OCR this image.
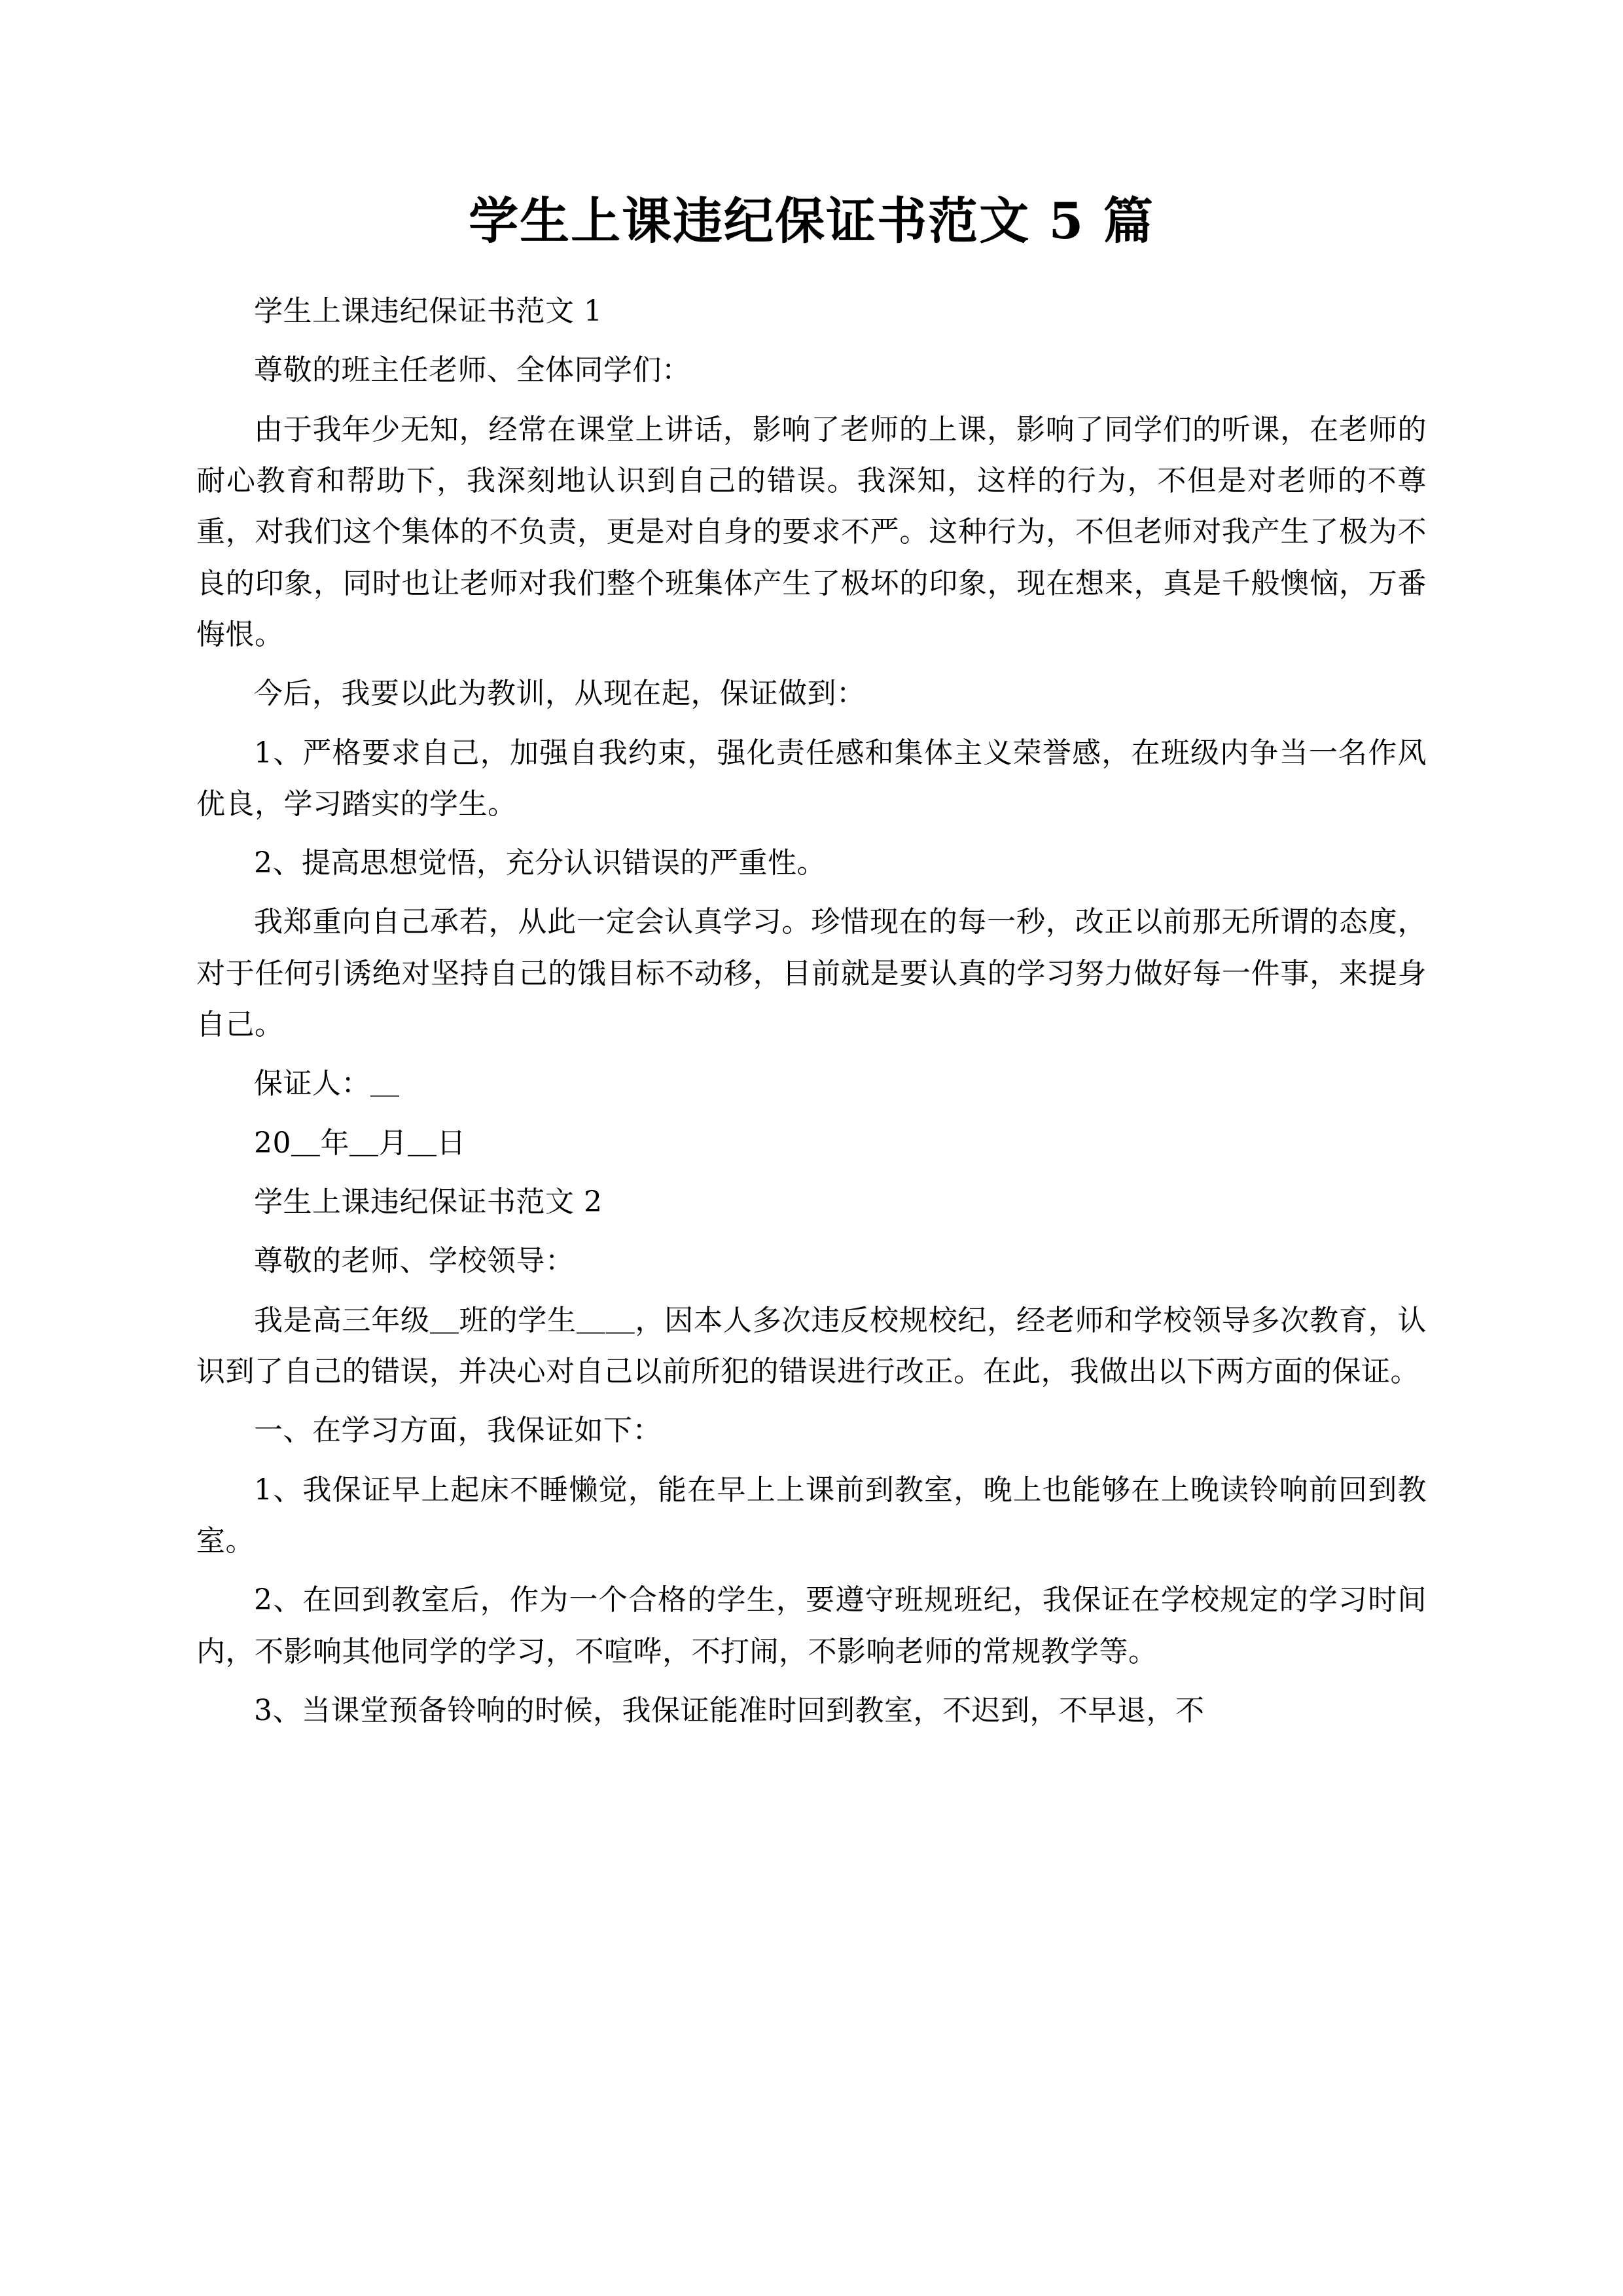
学生上课违纪保证书范文 5 篇

学生上课违纪保证书范文 1

尊敬的班主任老师、全体同学们：

由于我年少无知，经常在课堂上讲话，影响了老师的上课，影响了同学们的听课，在老师的耐心教育和帮助下，我深刻地认识到自己的错误。我深知，这样的行为，不但是对老师的不尊重，对我们这个集体的不负责，更是对自身的要求不严。这种行为，不但老师对我产生了极为不良的印象，同时也让老师对我们整个班集体产生了极坏的印象，现在想来，真是千般懊恼，万番悔恨。

今后，我要以此为教训，从现在起，保证做到：

1、严格要求自己，加强自我约束，强化责任感和集体主义荣誉感，在班级内争当一名作风优良，学习踏实的学生。

2、提高思想觉悟，充分认识错误的严重性。

我郑重向自己承若，从此一定会认真学习。珍惜现在的每一秒，改正以前那无所谓的态度，对于任何引诱绝对坚持自己的饿目标不动移，目前就是要认真的学习努力做好每一件事，来提身自己。

保证人：＿

20＿年＿月＿日

学生上课违纪保证书范文 2

尊敬的老师、学校领导：

我是高三年级＿班的学生＿＿，因本人多次违反校规校纪，经老师和学校领导多次教育，认识到了自己的错误，并决心对自己以前所犯的错误进行改正。在此，我做出以下两方面的保证。

一、在学习方面，我保证如下：

1、我保证早上起床不睡懒觉，能在早上上课前到教室，晚上也能够在上晚读铃响前回到教室。

2、在回到教室后，作为一个合格的学生，要遵守班规班纪，我保证在学校规定的学习时间内，不影响其他同学的学习，不喧哗，不打闹，不影响老师的常规教学等。

3、当课堂预备铃响的时候，我保证能准时回到教室，不迟到，不早退，不
